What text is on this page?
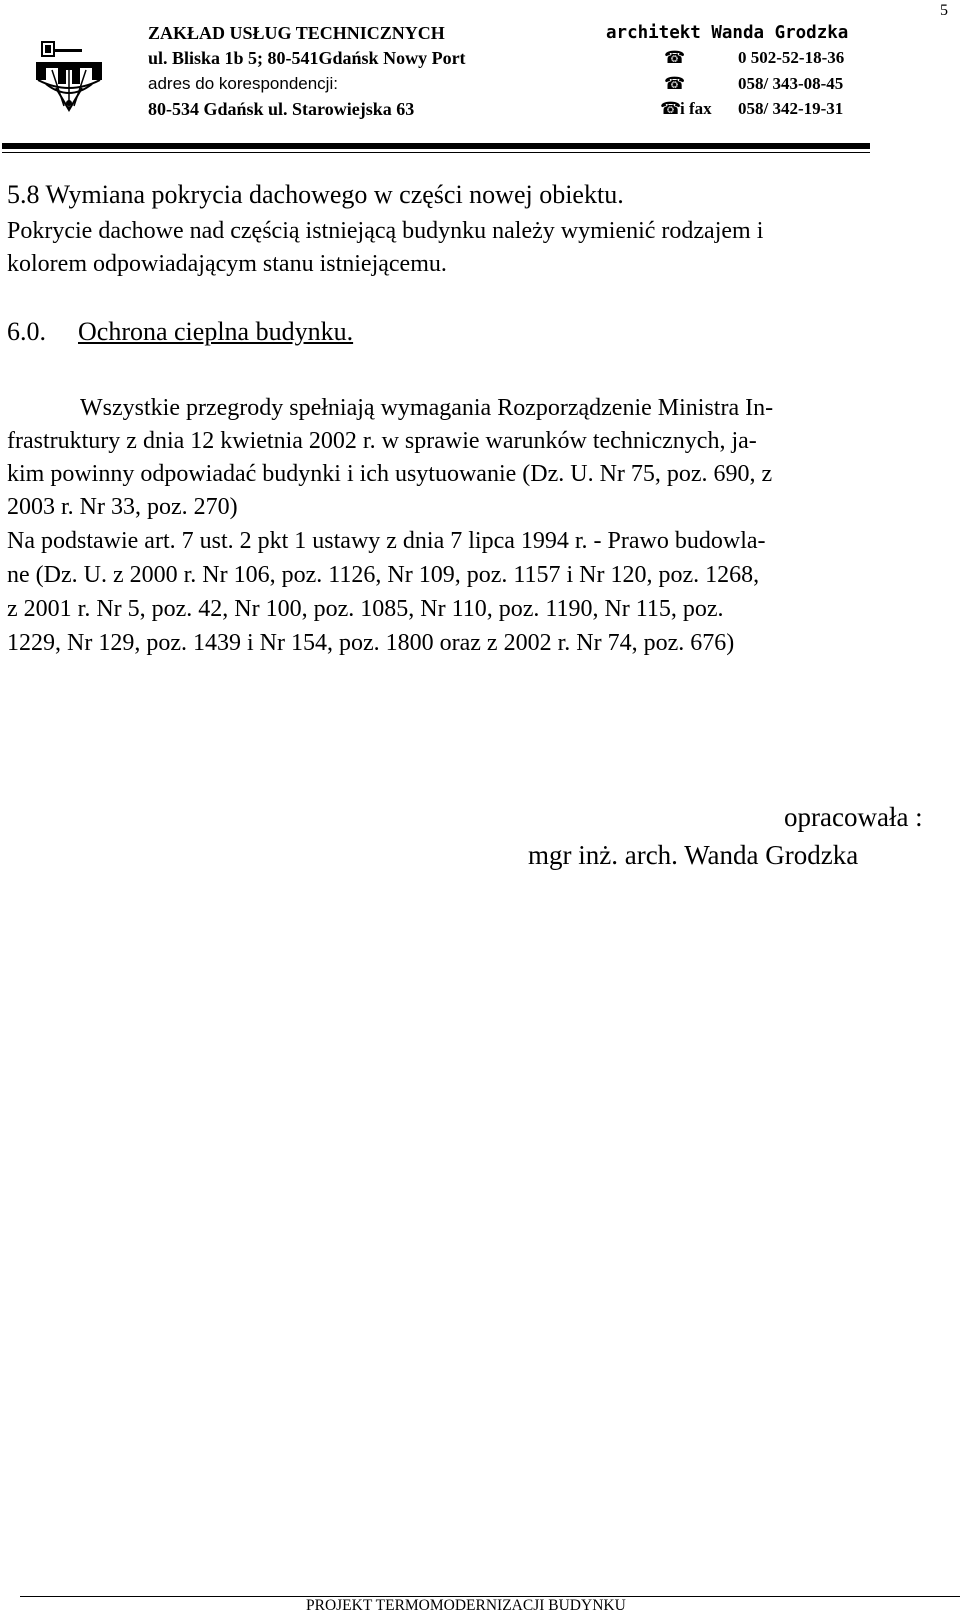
5
ZAKŁAD USŁUG TECHNICZNYCH
ul. Bliska 1b 5; 80-541Gdańsk Nowy Port
adres do korespondencji:
80-534 Gdańsk ul. Starowiejska 63
architekt Wanda Grodzka
☎	0 502-52-18-36
☎	058/ 343-08-45
☎
i fax 058/ 342-19-31
5.8 Wymiana pokrycia dachowego w części nowej obiektu.
Pokrycie dachowe nad częścią istniejącą budynku należy wymienić rodzajem i
kolorem odpowiadającym stanu istniejącemu.
6.0. Ochrona cieplna budynku.
Wszystkie przegrody spełniają wymagania Rozporządzenie Ministra In-
frastruktury z dnia 12 kwietnia 2002 r. w sprawie warunków technicznych, ja-
kim powinny odpowiadać budynki i ich usytuowanie (Dz. U. Nr 75, poz. 690, z
2003 r. Nr 33, poz. 270)
Na podstawie art. 7 ust. 2 pkt 1 ustawy z dnia 7 lipca 1994 r. - Prawo budowla-
ne (Dz. U. z 2000 r. Nr 106, poz. 1126, Nr 109, poz. 1157 i Nr 120, poz. 1268,
z 2001 r. Nr 5, poz. 42, Nr 100, poz. 1085, Nr 110, poz. 1190, Nr 115, poz.
1229, Nr 129, poz. 1439 i Nr 154, poz. 1800 oraz z 2002 r. Nr 74, poz. 676)
opracowała :
mgr inż. arch. Wanda Grodzka
PROJEKT TERMOMODERNIZACJI BUDYNKU
